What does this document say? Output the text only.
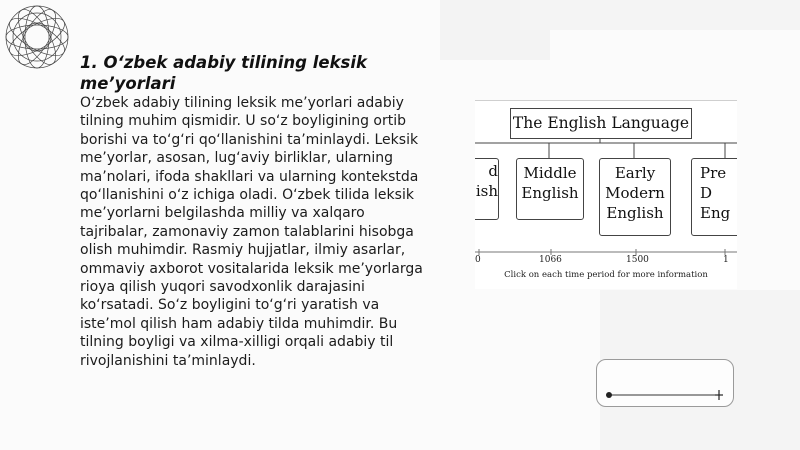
1. O‘zbek adabiy tilining leksik me’yorlari

O‘zbek adabiy tilining leksik me’yorlari adabiy tilning muhim qismidir. U so‘z boyligining ortib borishi va to‘g‘ri qo‘llanishini ta’minlaydi. Leksik me’yorlar, asosan, lug‘aviy birliklar, ularning ma’nolari, ifoda shakllari va ularning kontekstda qo‘llanishini o‘z ichiga oladi. O‘zbek tilida leksik me’yorlarni belgilashda milliy va xalqaro tajribalar, zamonaviy zamon talablarini hisobga olish muhimdir. Rasmiy hujjatlar, ilmiy asarlar, ommaviy axborot vositalarida leksik me’yorlarga rioya qilish yuqori savodxonlik darajasini ko‘rsatadi. So‘z boyligini to‘g‘ri yaratish va iste’mol qilish ham adabiy tilda muhimdir. Bu tilning boyligi va xilma-xilligi orqali adabiy til rivojlanishini ta’minlaydi.

The English Language
d
ish
Middle
English
Early
Modern
English
Pre
D
Eng
0	1066	1500	1
Click on each time period for more information
